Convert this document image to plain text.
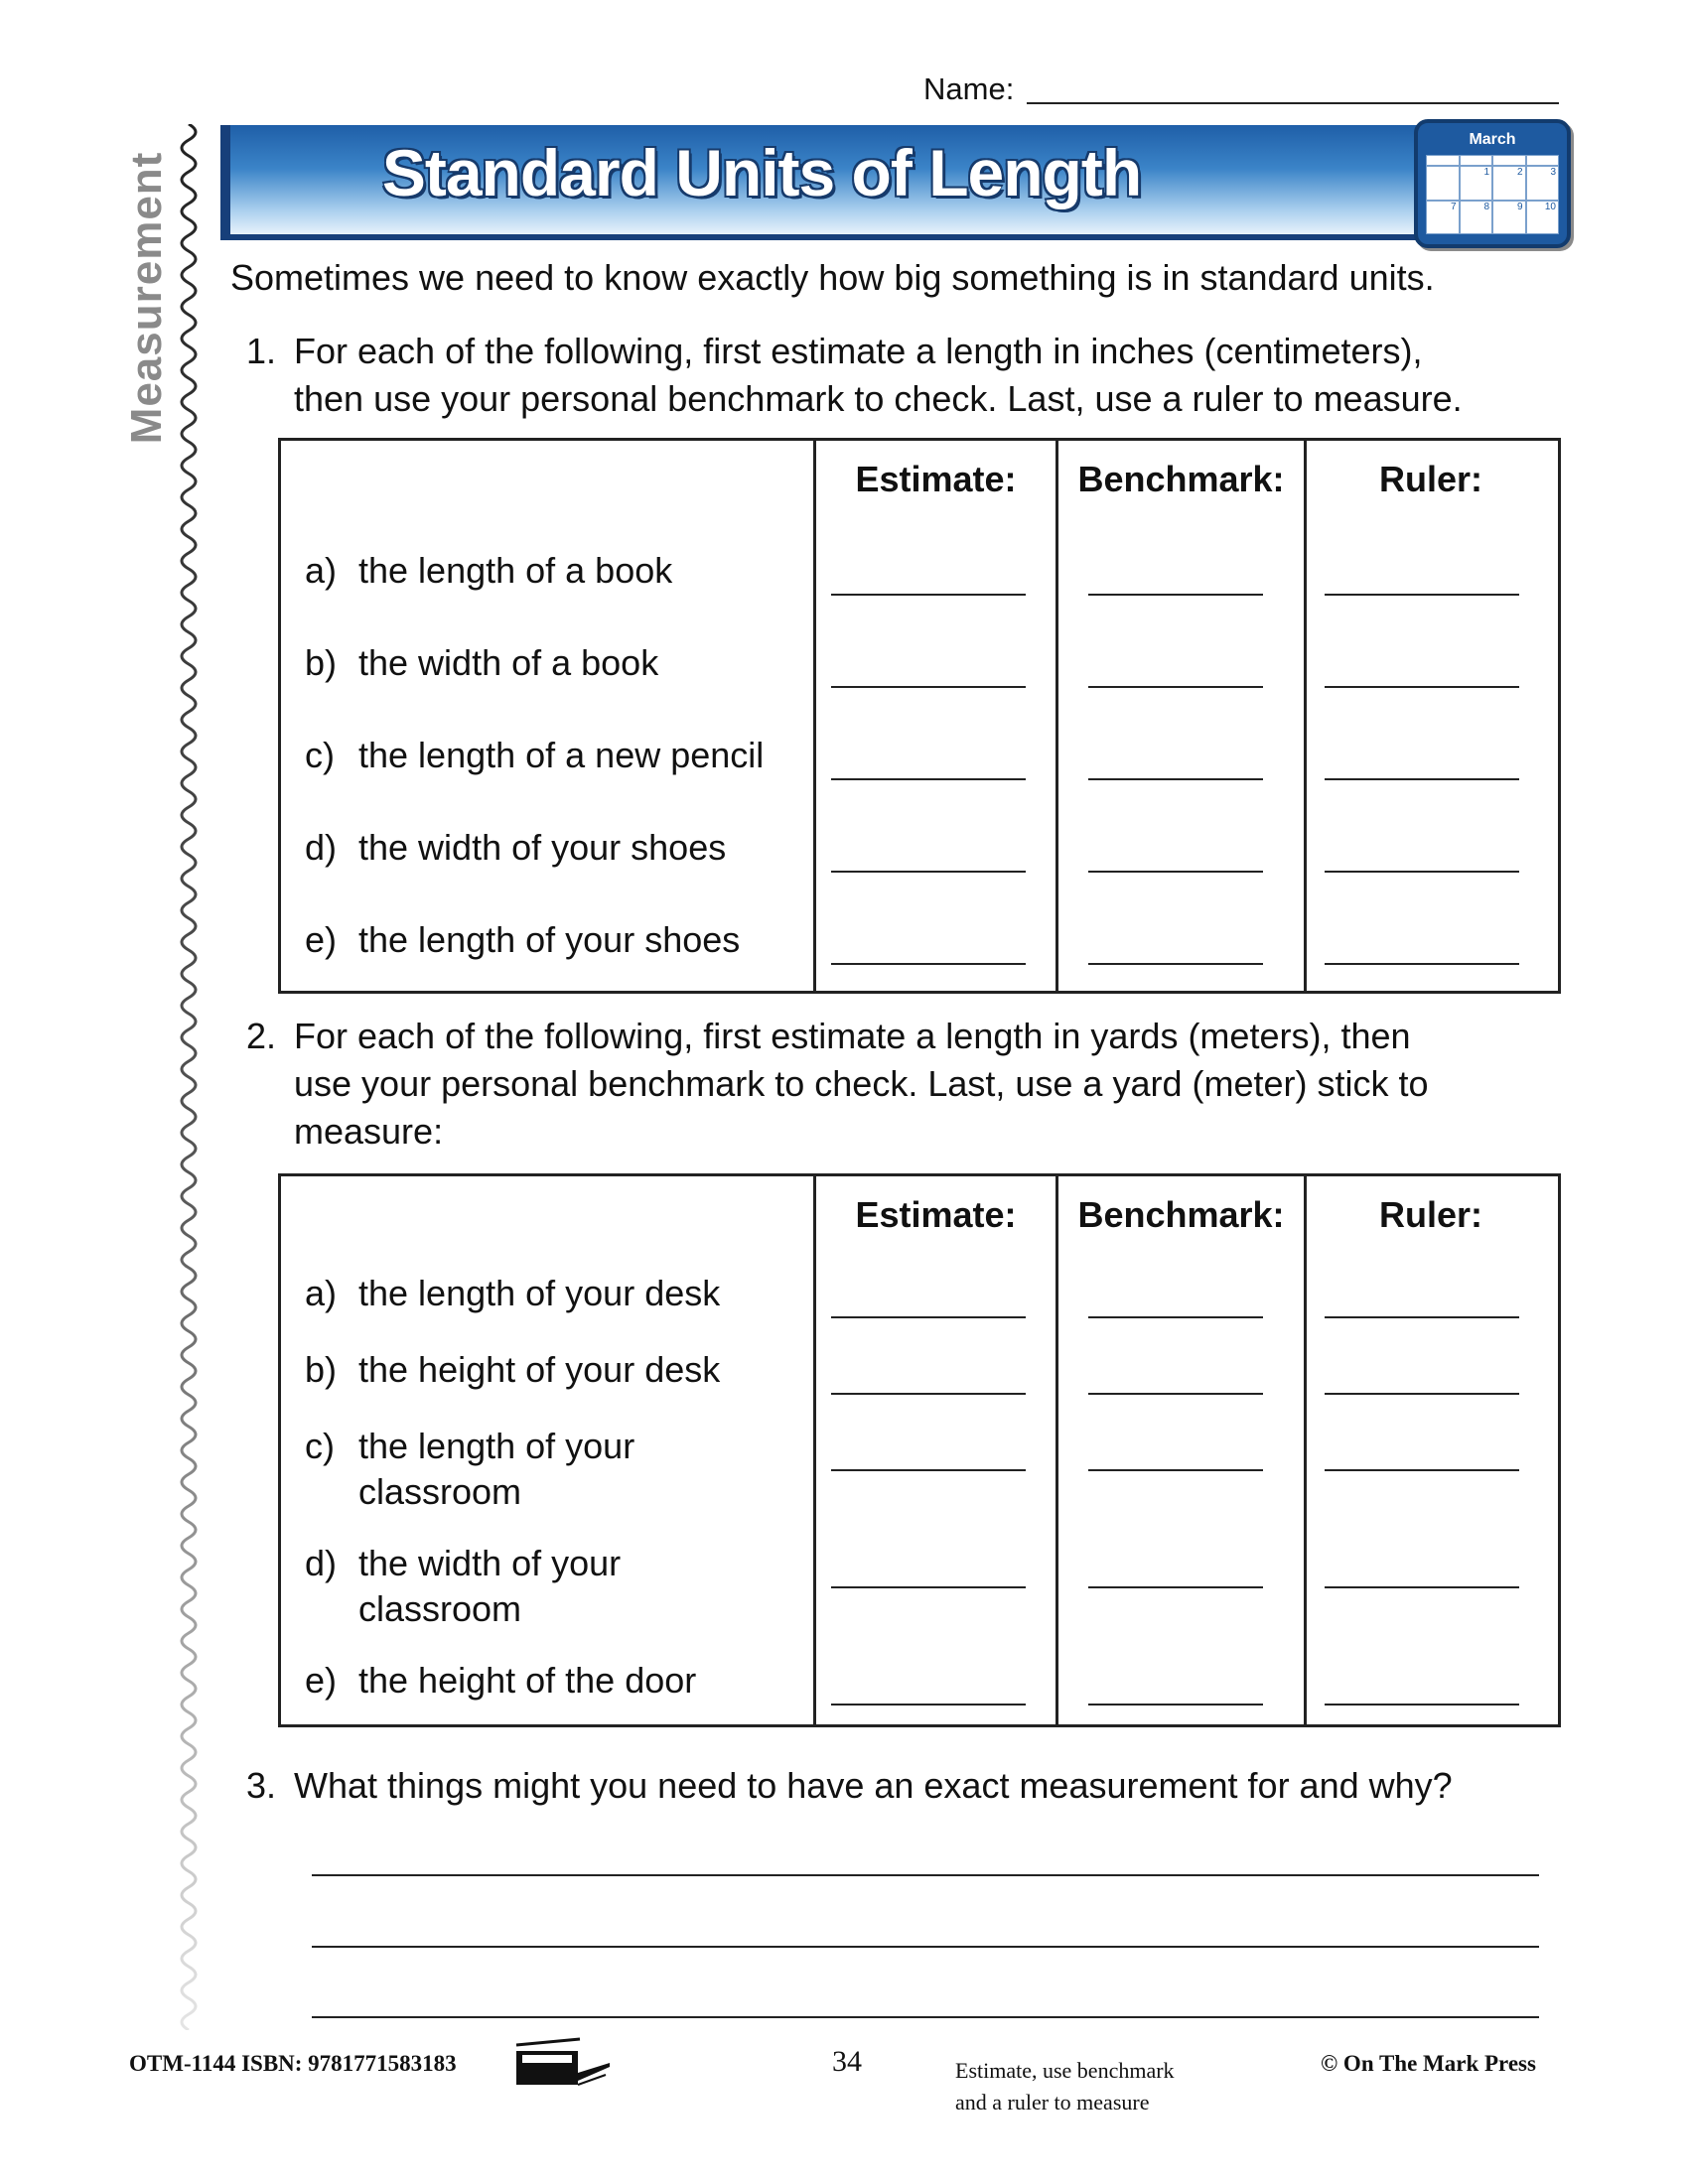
Name:
Measurement	Standard Units of Length	March
1	2	3
7	8	9	10
Sometimes we need to know exactly how big something is in standard units.
1. For each of the following, first estimate a length in inches (centimeters),
then use your personal benchmark to check. Last, use a ruler to measure.
Estimate:	Benchmark:	Ruler:
a) the length of a book
b) the width of a book
c) the length of a new pencil
d) the width of your shoes
e) the length of your shoes
2. For each of the following, first estimate a length in yards (meters), then
use your personal benchmark to check. Last, use a yard (meter) stick to
measure:
Estimate:	Benchmark:	Ruler:
a) the length of your desk
b) the height of your desk
c) the length of your
classroom
d) the width of your
classroom
e) the height of the door
3. What things might you need to have an exact measurement for and why?
OTM-1144 ISBN: 9781771583183	34	Estimate, use benchmark
and a ruler to measure
© On The Mark Press
